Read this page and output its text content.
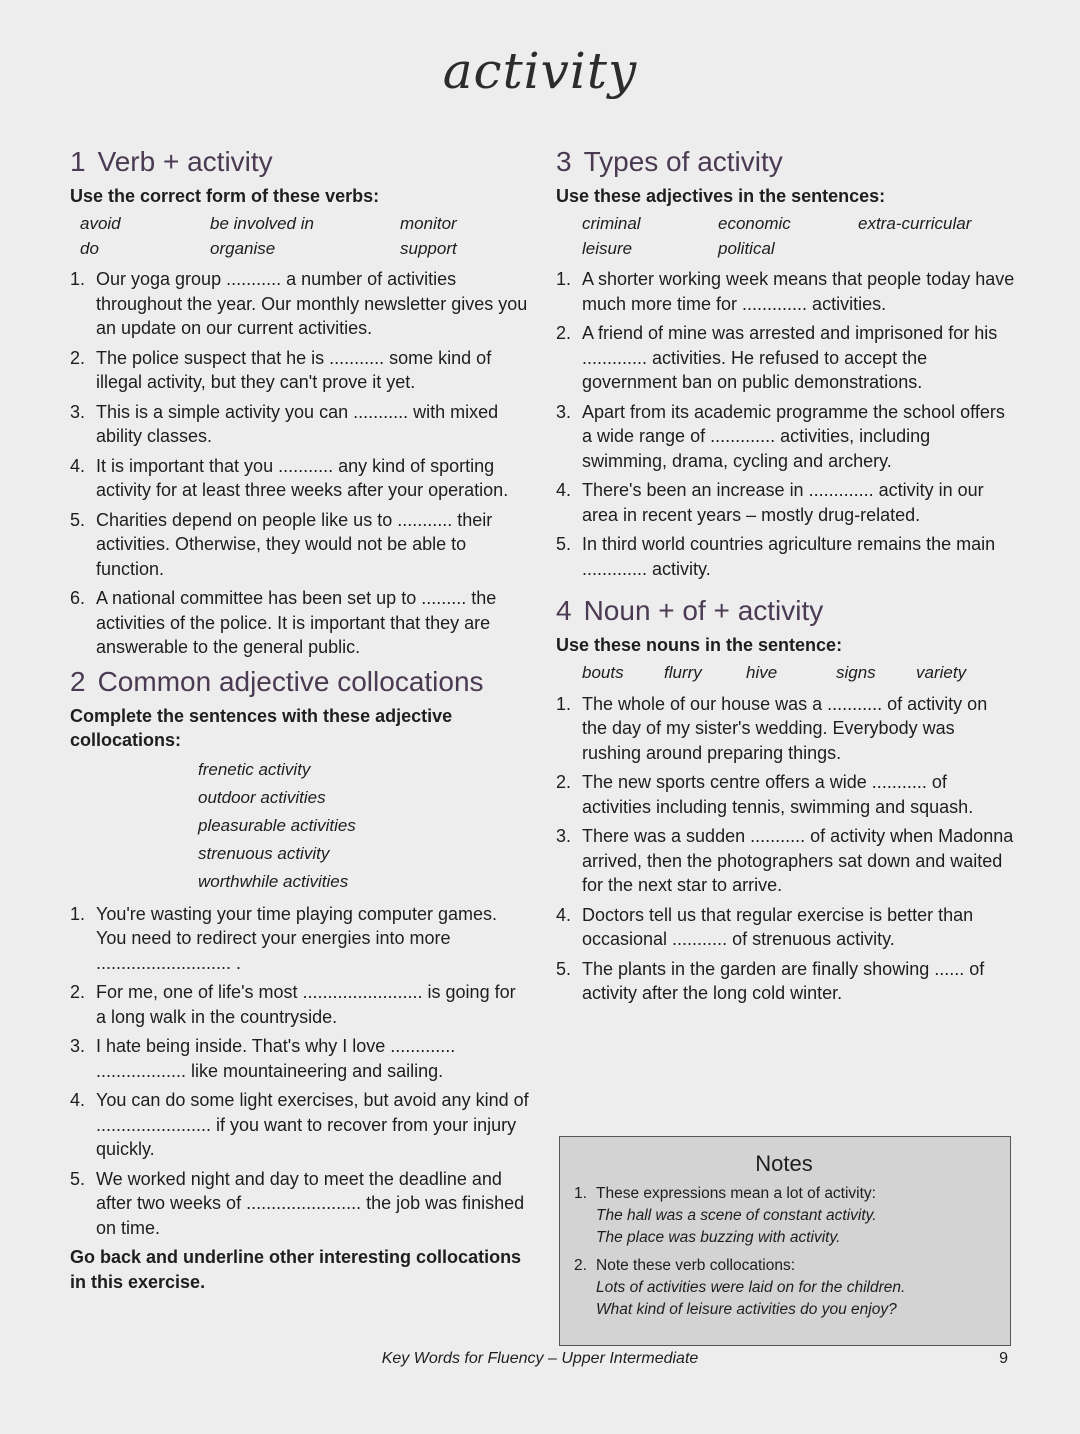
activity
1 Verb + activity
Use the correct form of these verbs:
avoid	be involved in	monitor
do	organise	support
1. Our yoga group ........... a number of activities throughout the year. Our monthly newsletter gives you an update on our current activities.
2. The police suspect that he is ........... some kind of illegal activity, but they can't prove it yet.
3. This is a simple activity you can ........... with mixed ability classes.
4. It is important that you ........... any kind of sporting activity for at least three weeks after your operation.
5. Charities depend on people like us to ........... their activities. Otherwise, they would not be able to function.
6. A national committee has been set up to ......... the activities of the police. It is important that they are answerable to the general public.
2 Common adjective collocations
Complete the sentences with these adjective collocations:
frenetic activity
outdoor activities
pleasurable activities
strenuous activity
worthwhile activities
1. You're wasting your time playing computer games. You need to redirect your energies into more ........................... .
2. For me, one of life's most ........................ is going for a long walk in the countryside.
3. I hate being inside. That's why I love ............. .................. like mountaineering and sailing.
4. You can do some light exercises, but avoid any kind of ....................... if you want to recover from your injury quickly.
5. We worked night and day to meet the deadline and after two weeks of ....................... the job was finished on time.
Go back and underline other interesting collocations in this exercise.
3 Types of activity
Use these adjectives in the sentences:
criminal	economic	extra-curricular
leisure	political
1. A shorter working week means that people today have much more time for ............. activities.
2. A friend of mine was arrested and imprisoned for his ............. activities. He refused to accept the government ban on public demonstrations.
3. Apart from its academic programme the school offers a wide range of ............. activities, including swimming, drama, cycling and archery.
4. There's been an increase in ............. activity in our area in recent years – mostly drug-related.
5. In third world countries agriculture remains the main ............. activity.
4 Noun + of + activity
Use these nouns in the sentence:
bouts	flurry	hive	signs	variety
1. The whole of our house was a ........... of activity on the day of my sister's wedding. Everybody was rushing around preparing things.
2. The new sports centre offers a wide ........... of activities including tennis, swimming and squash.
3. There was a sudden ........... of activity when Madonna arrived, then the photographers sat down and waited for the next star to arrive.
4. Doctors tell us that regular exercise is better than occasional ........... of strenuous activity.
5. The plants in the garden are finally showing ...... of activity after the long cold winter.
Notes
1. These expressions mean a lot of activity:
The hall was a scene of constant activity.
The place was buzzing with activity.
2. Note these verb collocations:
Lots of activities were laid on for the children.
What kind of leisure activities do you enjoy?
Key Words for Fluency – Upper Intermediate	9
